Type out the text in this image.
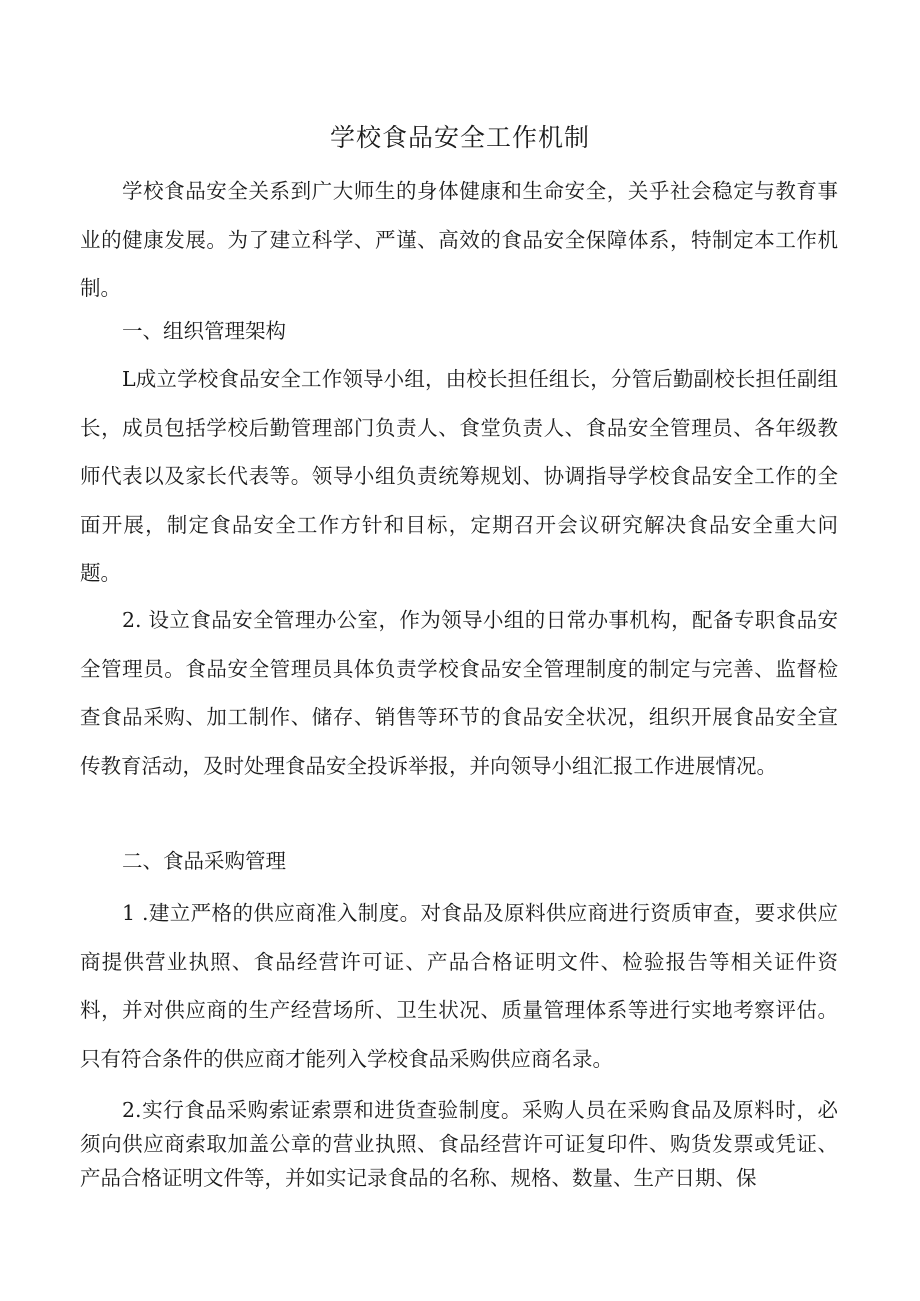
学校食品安全工作机制

学校食品安全关系到广大师生的身体健康和生命安全，关乎社会稳定与教育事业的健康发展。为了建立科学、严谨、高效的食品安全保障体系，特制定本工作机制。

一、组织管理架构

L成立学校食品安全工作领导小组，由校长担任组长，分管后勤副校长担任副组长，成员包括学校后勤管理部门负责人、食堂负责人、食品安全管理员、各年级教师代表以及家长代表等。领导小组负责统筹规划、协调指导学校食品安全工作的全面开展，制定食品安全工作方针和目标，定期召开会议研究解决食品安全重大问题。

2. 设立食品安全管理办公室，作为领导小组的日常办事机构，配备专职食品安全管理员。食品安全管理员具体负责学校食品安全管理制度的制定与完善、监督检查食品采购、加工制作、储存、销售等环节的食品安全状况，组织开展食品安全宣传教育活动，及时处理食品安全投诉举报，并向领导小组汇报工作进展情况。

二、食品采购管理

1 .建立严格的供应商准入制度。对食品及原料供应商进行资质审查，要求供应商提供营业执照、食品经营许可证、产品合格证明文件、检验报告等相关证件资料，并对供应商的生产经营场所、卫生状况、质量管理体系等进行实地考察评估。只有符合条件的供应商才能列入学校食品采购供应商名录。

2.实行食品采购索证索票和进货查验制度。采购人员在采购食品及原料时，必须向供应商索取加盖公章的营业执照、食品经营许可证复印件、购货发票或凭证、产品合格证明文件等，并如实记录食品的名称、规格、数量、生产日期、保
